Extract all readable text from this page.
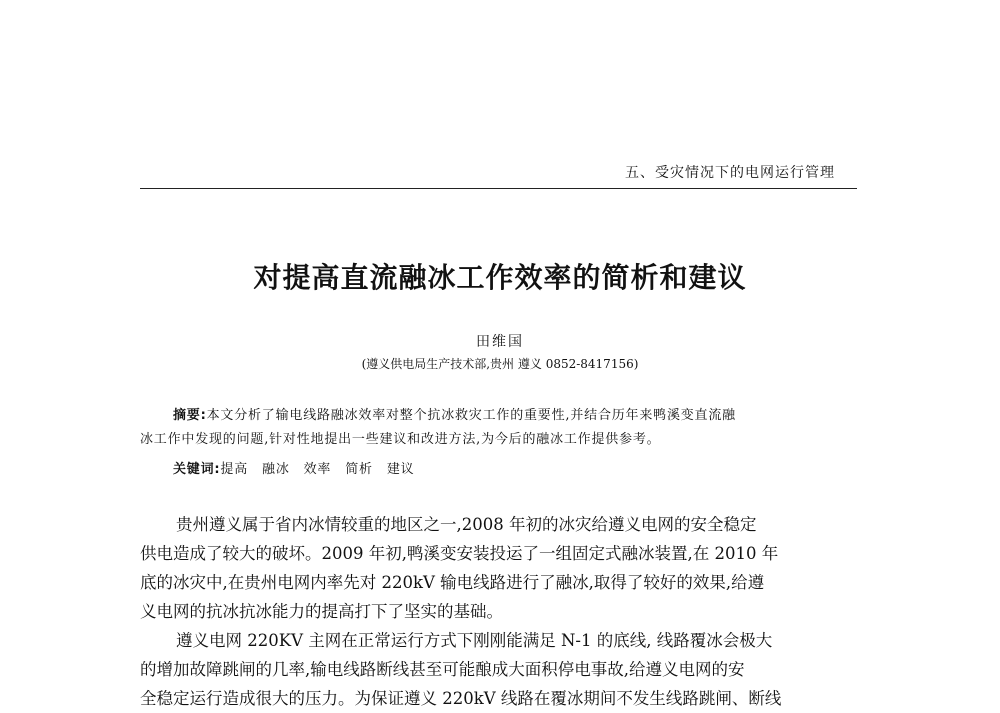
五、受灾情况下的电网运行管理
对提高直流融冰工作效率的简析和建议
田维国
(遵义供电局生产技术部,贵州 遵义 0852-8417156)
摘要:本文分析了输电线路融冰效率对整个抗冰救灾工作的重要性,并结合历年来鸭溪变直流融
冰工作中发现的问题,针对性地提出一些建议和改进方法,为今后的融冰工作提供参考。
关键词:提高 融冰 效率 简析 建议
贵州遵义属于省内冰情较重的地区之一,2008 年初的冰灾给遵义电网的安全稳定
供电造成了较大的破坏。2009 年初,鸭溪变安装投运了一组固定式融冰装置,在 2010 年
底的冰灾中,在贵州电网内率先对 220kV 输电线路进行了融冰,取得了较好的效果,给遵
义电网的抗冰抗冰能力的提高打下了坚实的基础。
遵义电网 220KV 主网在正常运行方式下刚刚能满足 N-1 的底线, 线路覆冰会极大
的增加故障跳闸的几率,输电线路断线甚至可能酿成大面积停电事故,给遵义电网的安
全稳定运行造成很大的压力。为保证遵义 220kV 线路在覆冰期间不发生线路跳闸、断线
